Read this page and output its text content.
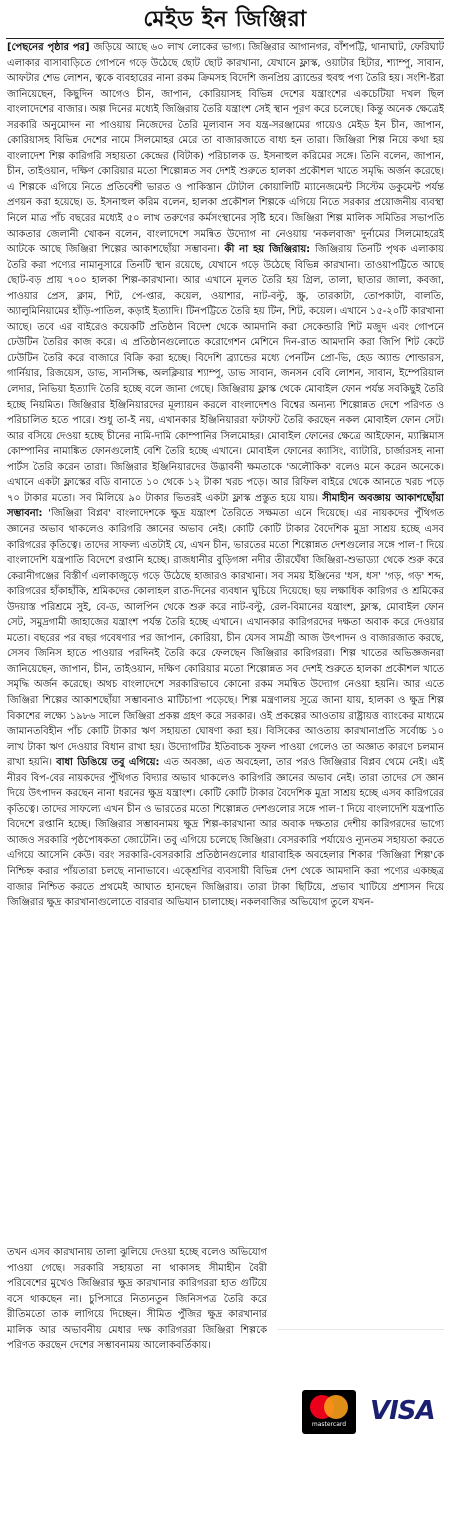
মেইড ইন জিঞ্জিরা

[পেছনের পৃষ্ঠার পর] জড়িয়ে আছে ৬০ লাখ লোকের ভাগ্য। জিঞ্জিরার আগানগর, বাঁশপট্টি, থানাঘাট, ফেরিঘাট এলাকার বাসাবাড়িতে গোপনে গড়ে উঠেছে ছোট ছোট কারখানা, যেখানে ফ্লাস্ক, ওয়াটার হিটার, শ্যাম্পু, সাবান, আফটার শেভ লোশন, ত্বকে ব্যবহারের নানা রকম ক্রিমসহ বিদেশি জনপ্রিয় ব্র্যান্ডের হুবহু পণ্য তৈরি হয়। সংশি-ষ্টরা জানিয়েছেন, কিছুদিন আগেও চীন, জাপান, কোরিয়াসহ বিভিন্ন দেশের যন্ত্রাংশের একচেটিয়া দখল ছিল বাংলাদেশের বাজার। অল্প দিনের মধ্যেই জিঞ্জিরায় তৈরি যন্ত্রাংশ সেই স্থান পূরণ করে চলেছে। কিন্তু অনেক ক্ষেত্রেই সরকারি অনুমোদন না পাওয়ায় নিজেদের তৈরি মূল্যবান সব যন্ত্র-সরঞ্জামের গায়েও মেইড ইন চীন, জাপান, কোরিয়াসহ বিভিন্ন দেশের নামে সিলমোহর মেরে তা বাজারজাতে বাধ্য হন তারা। জিঞ্জিরা শিল্প নিয়ে কথা হয় বাংলাদেশ শিল্প কারিগরি সহায়তা কেন্দ্রের (বিটাক) পরিচালক ড. ইসনাহুল করিমের সঙ্গে। তিনি বলেন, জাপান, চীন, তাইওয়ান, দক্ষিণ কোরিয়ার মতো শিল্পোন্নত সব দেশই শুরুতে হালকা প্রকৌশল খাতে সমৃদ্ধি অর্জন করেছে। এ শিল্পকে এগিয়ে নিতে প্রতিবেশী ভারত ও পাকিস্তান টোটাল কোয়ালিটি ম্যানেজমেন্ট সিস্টেম ডকুমেন্ট পর্যন্ত প্রণয়ন করা হয়েছে। ড. ইসনাহুল করিম বলেন, হালকা প্রকৌশল শিল্পকে এগিয়ে নিতে সরকার প্রয়োজনীয় ব্যবস্থা নিলে মাত্র পাঁচ বছরের মধ্যেই ৫০ লাখ তরুণের কর্মসংস্থানের সৃষ্টি হবে। জিঞ্জিরা শিল্প মালিক সমিতির সভাপতি আকতার জেলানী খোকন বলেন, বাংলাদেশে সমন্বিত উদ্যোগ না নেওয়ায় 'নকলবাজ' দুর্নামের সিলমোহরেই আটকে আছে জিঞ্জিরা শিল্পের আকাশছোঁয়া সম্ভাবনা। কী না হয় জিঞ্জিরায়: জিঞ্জিরায় তিনটি পৃথক এলাকায় তৈরি করা পণ্যের নামানুসারে তিনটি স্থান রয়েছে, যেখানে গড়ে উঠেছে বিভিন্ন কারখানা। তাওয়াপট্টিতে আছে ছোট-বড় প্রায় ৭০০ হালকা শিল্প-কারখানা। আর এখানে মূলত তৈরি হয় গ্রিল, তালা, ছাতার জালা, কবজা, পাওয়ার প্রেস, ক্লাম, শিট, পে-প্তার, কয়েল, ওয়াশার, নাট-বল্টু, স্ক্রু, তারকাটা, তোপকাটা, বালতি, অ্যালুমিনিয়ামের হাঁড়ি-পাতিল, কড়াই ইত্যাদি। টিনপট্টিতে তৈরি হয় টিন, শিট, কয়েল। এখানে ১৫-২০টি কারখানা আছে। তবে এর বাইরেও কয়েকটি প্রতিষ্ঠান বিদেশ থেকে আমদানি করা সেকেন্ডারি শিট মজুদ এবং গোপনে ঢেউটিন তৈরির কাজ করে। এ প্রতিষ্ঠানগুলোতে করোগেশন মেশিনে দিন-রাত আমদানি করা জিপি শিট কেটে ঢেউটিন তৈরি করে বাজারে বিক্রি করা হচ্ছে। বিদেশি ব্র্যান্ডের মধ্যে পেনটিন প্রো-ভি, হেড অ্যান্ড শোল্ডারস, গার্নিয়ার, রিজয়েস, ডাভ, সানসিল্ক, অলক্লিয়ার শ্যাম্পু, ডাভ সাবান, জনসন বেবি লোশন, সাবান, ইম্পেরিয়াল লেদার, নিভিয়া ইত্যাদি তৈরি হচ্ছে বলে জানা গেছে। জিঞ্জিরায় ফ্লাস্ক থেকে মোবাইল ফোন পর্যন্ত সবকিছুই তৈরি হচ্ছে নিয়মিত। জিঞ্জিরার ইঞ্জিনিয়ারদের মূল্যায়ন করলে বাংলাদেশও বিশ্বের অন্যন্য শিল্পোন্নত দেশে পরিণত ও পরিচালিত হতে পারে। শুধু তা-ই নয়, এখানকার ইঞ্জিনিয়াররা ফটাফট তৈরি করছেন নকল মোবাইল ফোন সেট। আর বসিয়ে দেওয়া হচ্ছে চীনের নামি-দামি কোম্পানির সিলমোহর। মোবাইল ফোনের ক্ষেত্রে আইফোন, ম্যাক্সিমাস কোম্পানির নামাঙ্কিত ফোনগুলোই বেশি তৈরি হচ্ছে এখানে। মোবাইল ফোনের ক্যাসিং, ব্যাটারি, চার্জারসহ নানা পার্টস তৈরি করেন তারা। জিঞ্জিরার ইঞ্জিনিয়ারদের উদ্ভাবনী ক্ষমতাকে 'অলৌকিক' বলেও মনে করেন অনেকে। এখানে একটা ফ্লাস্কের বডি বানাতে ১০ থেকে ১২ টাকা খরচ পড়ে। আর রিফিল বাইরে থেকে আনতে খরচ পড়ে ৭০ টাকার মতো। সব মিলিয়ে ৯০ টাকার ভিতরই একটা ফ্লাস্ক প্রস্তুত হয়ে যায়। সীমাহীন অবজ্ঞায় আকাশছোঁয়া সম্ভাবনা: 'জিঞ্জিরা বিপ্লব' বাংলাদেশকে ক্ষুদ্র যন্ত্রাংশ তৈরিতে সক্ষমতা এনে দিয়েছে। এর নায়কদের পুঁথিগত জ্ঞানের অভাব থাকলেও কারিগরি জ্ঞানের অভাব নেই। কোটি কোটি টাকার বৈদেশিক মুদ্রা সাশ্রয় হচ্ছে এসব কারিগরের কৃতিত্বে। তাদের সাফল্য এতটাই যে, এখন চীন, ভারতের মতো শিল্পোন্নত দেশগুলোর সঙ্গে পাল-া দিয়ে বাংলাদেশি যন্ত্রপাতি বিদেশে রপ্তানি হচ্ছে। রাজধানীর বুড়িগঙ্গা নদীর তীরঘেঁষা জিঞ্জিরা-শুভাড্যা থেকে শুরু করে কেরানীগঞ্জের বিস্তীর্ণ এলাকাজুড়ে গড়ে উঠেছে হাজারও কারখানা। সব সময় ইঞ্জিনের 'ধস, ধস' 'গড়, গড়' শব্দ, কারিগরের হাঁকাহাঁকি, শ্রমিকদের কোলাহল রাত-দিনের ব্যবধান ঘুচিয়ে দিয়েছে। ছয় লক্ষাধিক কারিগর ও শ্রমিকের উদয়াস্ত পরিশ্রমে সুই, বে-ড, আলপিন থেকে শুরু করে নাট-বল্টু, রেল-বিমানের যন্ত্রাংশ, ফ্লাস্ক, মোবাইল ফোন সেট, সমুদ্রগামী জাহাজের যন্ত্রাংশ পর্যন্ত তৈরি হচ্ছে এখানে। এখানকার কারিগরদের দক্ষতা অবাক করে দেওয়ার মতো। বছরের পর বছর গবেষণার পর জাপান, কোরিয়া, চীন যেসব সামগ্রী আজ উৎপাদন ও বাজারজাত করছে, সেসব জিনিস হাতে পাওয়ার পরদিনই তৈরি করে ফেলছেন জিঞ্জিরার কারিগররা। শিল্প খাতের অভিজ্ঞজনরা জানিয়েছেন, জাপান, চীন, তাইওয়ান, দক্ষিণ কোরিয়ার মতো শিল্পোন্নত সব দেশই শুরুতে হালকা প্রকৌশল খাতে সমৃদ্ধি অর্জন করেছে। অথচ বাংলাদেশে সরকারিভাবে কোনো রকম সমন্বিত উদ্যোগ নেওয়া হয়নি। আর এতে জিঞ্জিরা শিল্পের আকাশছোঁয়া সম্ভাবনাও মাটিচাপা পড়েছে। শিল্প মন্ত্রণালয় সূত্রে জানা যায়, হালকা ও ক্ষুদ্র শিল্প বিকাশের লক্ষ্যে ১৯৮৬ সালে জিঞ্জিরা প্রকল্প গ্রহণ করে সরকার। ওই প্রকল্পের আওতায় রাষ্ট্রায়ত্ত ব্যাংকের মাধ্যমে জামানতবিহীন পাঁচ কোটি টাকার ঋণ সহায়তা ঘোষণা করা হয়। বিসিকের আওতায় কারখানাপ্রতি সর্বোচ্চ ১০ লাখ টাকা ঋণ দেওয়ার বিধান রাখা হয়। উদ্যোগটির ইতিবাচক সুফল পাওয়া গেলেও তা অজ্ঞাত কারণে চলমান রাখা হয়নি। বাধা ডিঙিয়ে তবু এগিয়ে: এত অবজ্ঞা, এত অবহেলা, তার পরও জিঞ্জিরার বিপ্লব থেমে নেই। এই নীরব বিপ-বের নায়কদের পুঁথিগত বিদ্যার অভাব থাকলেও কারিগরি জ্ঞানের অভাব নেই। তারা তাদের সে জ্ঞান দিয়ে উৎপাদন করছেন নানা ধরনের ক্ষুদ্র যন্ত্রাংশ। কোটি কোটি টাকার বৈদেশিক মুদ্রা সাশ্রয় হচ্ছে এসব কারিগরের কৃতিত্বে। তাদের সাফল্যে এখন চীন ও ভারতের মতো শিল্পোন্নত দেশগুলোর সঙ্গে পাল-া দিয়ে বাংলাদেশি যন্ত্রপাতি বিদেশে রপ্তানি হচ্ছে। জিঞ্জিরার সম্ভাবনাময় ক্ষুদ্র শিল্প-কারখানা আর অবাক দক্ষতার দেশীয় কারিগরদের ভাগ্যে আজও সরকারি পৃষ্ঠপোষকতা জোটেনি। তবু এগিয়ে চলেছে জিঞ্জিরা। বেসরকারি পর্যায়েও ন্যূনতম সহায়তা করতে এগিয়ে আসেনি কেউ। বরং সরকারি-বেসরকারি প্রতিষ্ঠানগুলোর ধারাবাহিক অবহেলার শিকার 'জিঞ্জিরা শিল্প'কে নিশ্চিহ্ন করার পাঁয়তারা চলছে নানাভাবে। এক্শ্রেণির ব্যবসায়ী বিভিন্ন দেশ থেকে আমদানি করা পণ্যের একচ্ছত্র বাজার নিশ্চিত করতে প্রথমেই আঘাত হানছেন জিঞ্জিরায়। তারা টাকা ছিটিয়ে, প্রভাব খাটিয়ে প্রশাসন দিয়ে জিঞ্জিরার ক্ষুদ্র কারখানাগুলোতে বারবার অভিযান চালাচ্ছে। নকলবাজির অভিযোগ তুলে যখন-

তখন এসব কারখানায় তালা ঝুলিয়ে দেওয়া হচ্ছে বলেও অভিযোগ পাওয়া গেছে। সরকারি সহায়তা না থাকাসহ সীমাহীন বৈরী পরিবেশের মুখেও জিঞ্জিরার ক্ষুদ্র কারখানার কারিগররা হাত গুটিয়ে বসে থাকছেন না। চুপিসারে নিত্যনতুন জিনিসপত্র তৈরি করে রীতিমতো তাক লাগিয়ে দিচ্ছেন। সীমিত পুঁজির ক্ষুদ্র কারখানার মালিক আর অভাবনীয় মেধার দক্ষ কারিগররা জিঞ্জিরা শিল্পকে পরিণত করছেন দেশের সম্ভাবনাময় আলোকবর্তিকায়।

mastercard VISA
